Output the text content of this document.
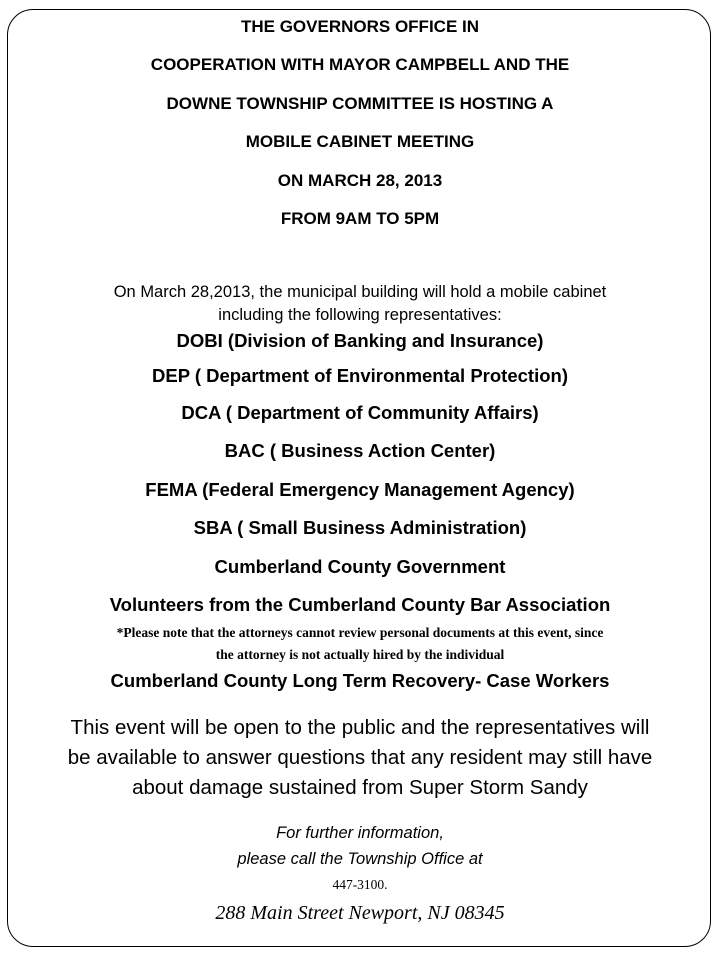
THE GOVERNORS OFFICE IN
COOPERATION WITH MAYOR CAMPBELL AND THE
DOWNE TOWNSHIP COMMITTEE IS HOSTING A
MOBILE CABINET MEETING
ON MARCH 28, 2013
FROM 9AM TO 5PM
On March 28,2013, the municipal building will hold a mobile cabinet
including the following representatives:
DOBI (Division of Banking and Insurance)
DEP ( Department of Environmental Protection)
DCA ( Department of Community Affairs)
BAC ( Business Action Center)
FEMA (Federal Emergency Management Agency)
SBA ( Small Business Administration)
Cumberland County Government
Volunteers from the Cumberland County Bar Association
*Please note that the attorneys cannot review personal documents at this event, since
the attorney is not actually hired by the individual
Cumberland County Long Term Recovery- Case Workers
This event will be open to the public and the representatives will
be available to answer questions that any resident may still have
about damage sustained from Super Storm Sandy
For further information,
please call the Township Office at
447-3100.
288 Main Street Newport, NJ 08345
